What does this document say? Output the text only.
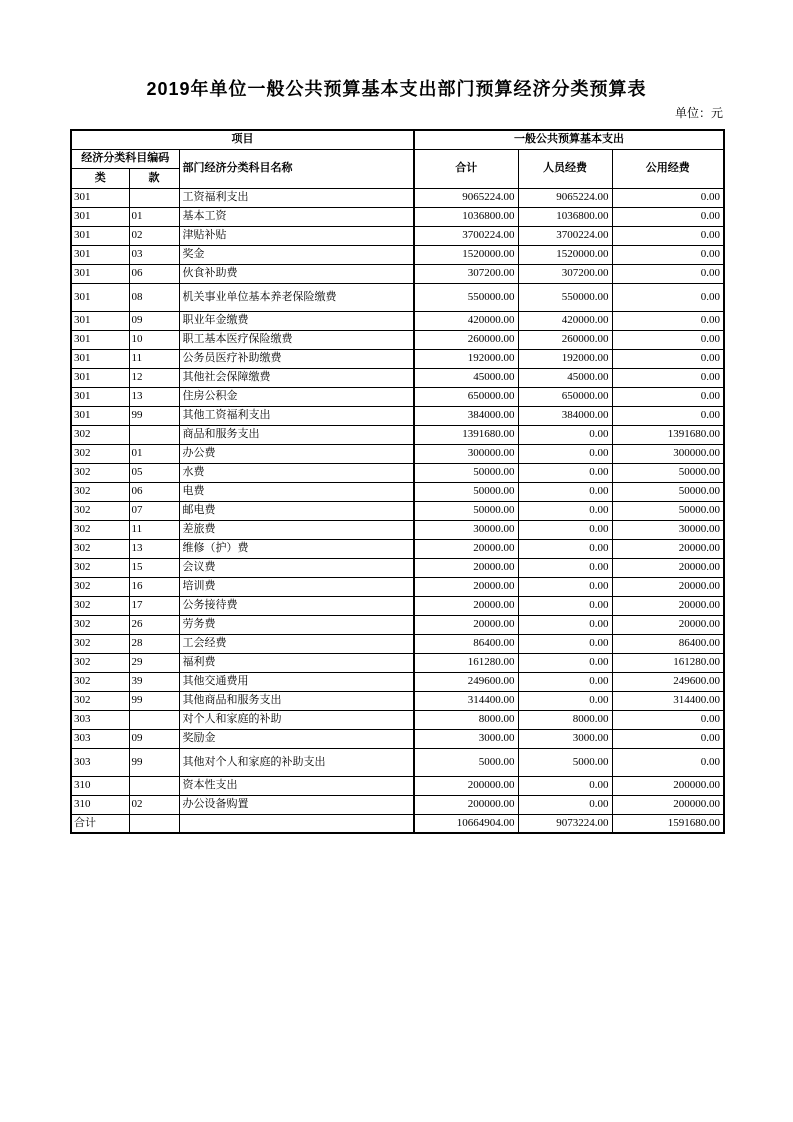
2019年单位一般公共预算基本支出部门预算经济分类预算表
单位：元
项目			一般公共预算基本支出		
经济分类科目编码		部门经济分类科目名称	合计	人员经费	公用经费
类	款				
301		工资福利支出	9065224.00	9065224.00	0.00
301	01	基本工资	1036800.00	1036800.00	0.00
301	02	津贴补贴	3700224.00	3700224.00	0.00
301	03	奖金	1520000.00	1520000.00	0.00
301	06	伙食补助费	307200.00	307200.00	0.00
301	08	机关事业单位基本养老保险缴费	550000.00	550000.00	0.00
301	09	职业年金缴费	420000.00	420000.00	0.00
301	10	职工基本医疗保险缴费	260000.00	260000.00	0.00
301	11	公务员医疗补助缴费	192000.00	192000.00	0.00
301	12	其他社会保障缴费	45000.00	45000.00	0.00
301	13	住房公积金	650000.00	650000.00	0.00
301	99	其他工资福利支出	384000.00	384000.00	0.00
302		商品和服务支出	1391680.00	0.00	1391680.00
302	01	办公费	300000.00	0.00	300000.00
302	05	水费	50000.00	0.00	50000.00
302	06	电费	50000.00	0.00	50000.00
302	07	邮电费	50000.00	0.00	50000.00
302	11	差旅费	30000.00	0.00	30000.00
302	13	维修（护）费	20000.00	0.00	20000.00
302	15	会议费	20000.00	0.00	20000.00
302	16	培训费	20000.00	0.00	20000.00
302	17	公务接待费	20000.00	0.00	20000.00
302	26	劳务费	20000.00	0.00	20000.00
302	28	工会经费	86400.00	0.00	86400.00
302	29	福利费	161280.00	0.00	161280.00
302	39	其他交通费用	249600.00	0.00	249600.00
302	99	其他商品和服务支出	314400.00	0.00	314400.00
303		对个人和家庭的补助	8000.00	8000.00	0.00
303	09	奖励金	3000.00	3000.00	0.00
303	99	其他对个人和家庭的补助支出	5000.00	5000.00	0.00
310		资本性支出	200000.00	0.00	200000.00
310	02	办公设备购置	200000.00	0.00	200000.00
合计			10664904.00	9073224.00	1591680.00
